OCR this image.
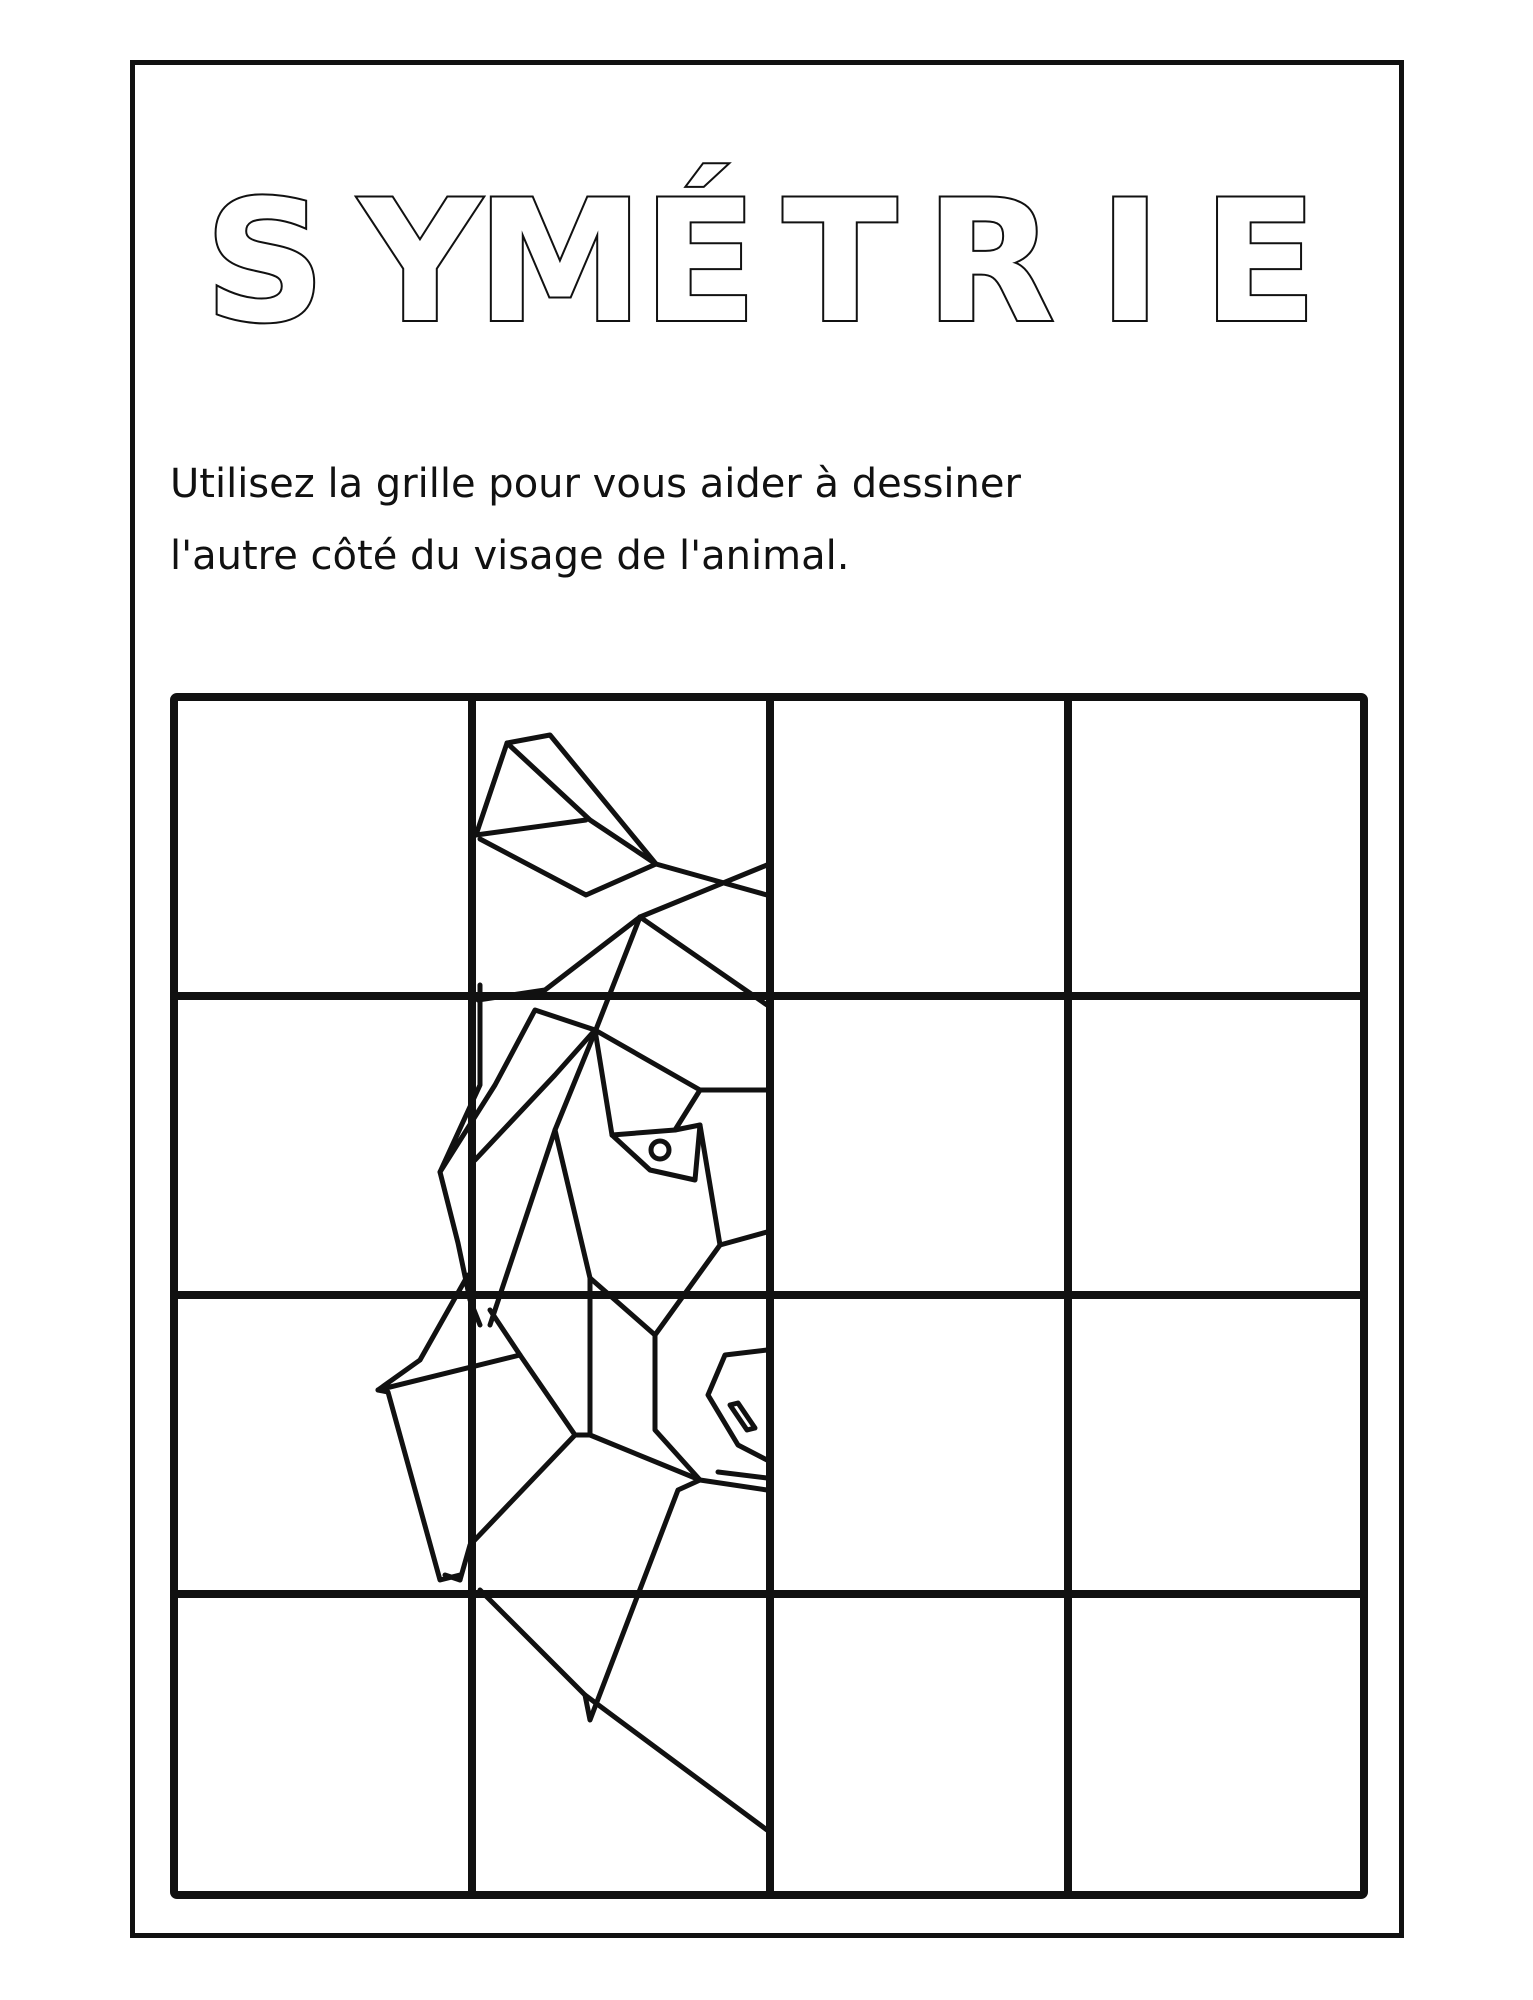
S Y
M É T R I E

Utilisez la grille pour vous aider à dessiner
l'autre côté du visage de l'animal.
